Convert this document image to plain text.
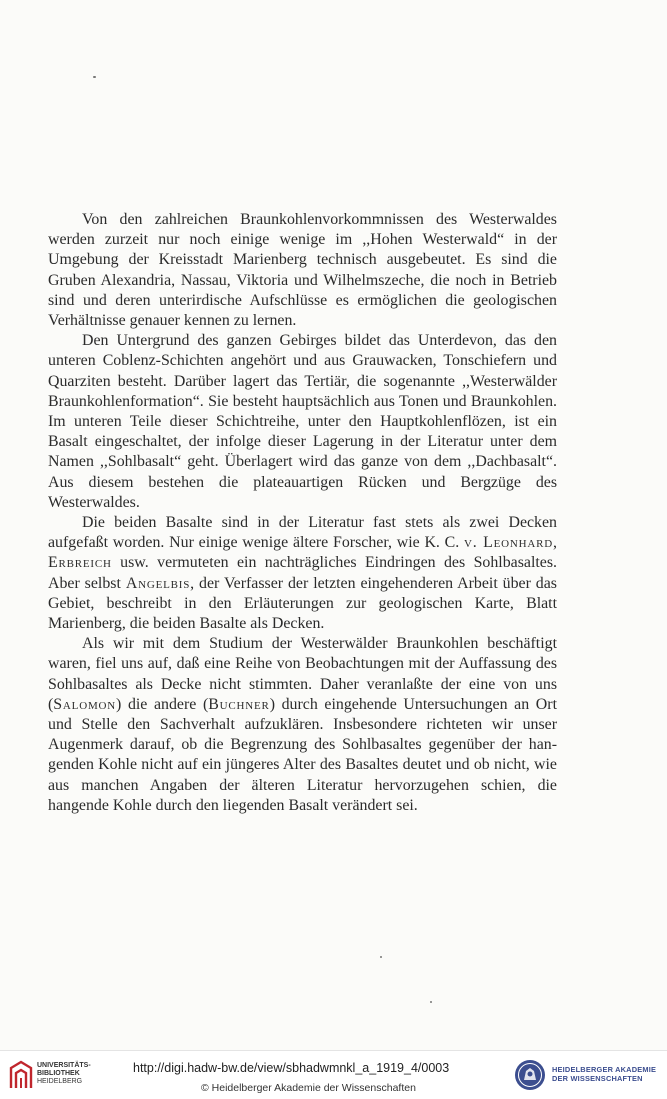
Von den zahlreichen Braunkohlenvorkommnissen des Westerwaldes werden zurzeit nur noch einige wenige im ,,Hohen Westerwald“ in der Umgebung der Kreisstadt Marienberg technisch ausgebeutet. Es sind die Gruben Alexandria, Nassau, Viktoria und Wilhelmszeche, die noch in Betrieb sind und deren unterirdische Aufschlüsse es ermöglichen die geologischen Verhältnisse genauer kennen zu lernen.

Den Untergrund des ganzen Gebirges bildet das Unterdevon, das den unteren Coblenz-Schichten angehört und aus Grauwacken, Tonschiefern und Quarziten besteht. Darüber lagert das Tertiär, die sogenannte ,,Westerwälder Braunkohlenformation“. Sie besteht hauptsächlich aus Tonen und Braunkohlen. Im unteren Teile dieser Schichtreihe, unter den Hauptkohlenflözen, ist ein Basalt eingeschaltet, der infolge dieser Lagerung in der Literatur unter dem Namen ,,Sohlbasalt“ geht. Überlagert wird das ganze von dem ,,Dachbasalt“. Aus diesem bestehen die plateauartigen Rücken und Bergzüge des Westerwaldes.

Die beiden Basalte sind in der Literatur fast stets als zwei Decken aufgefaßt worden. Nur einige wenige ältere Forscher, wie K. C. v. Leonhard, Erbreich usw. vermuteten ein nachträgliches Eindringen des Sohlbasaltes. Aber selbst Angelbis, der Verfasser der letzten eingehenderen Arbeit über das Gebiet, beschreibt in den Erläuterungen zur geologischen Karte, Blatt Marienberg, die beiden Basalte als Decken.

Als wir mit dem Studium der Westerwälder Braunkohlen beschäftigt waren, fiel uns auf, daß eine Reihe von Beobachtungen mit der Auffassung des Sohlbasaltes als Decke nicht stimmten. Daher veranlaßte der eine von uns (Salomon) die andere (Buchner) durch eingehende Untersuchungen an Ort und Stelle den Sachverhalt aufzuklären. Insbesondere richteten wir unser Augenmerk darauf, ob die Begrenzung des Sohlbasaltes gegenüber der hangenden Kohle nicht auf ein jüngeres Alter des Basaltes deutet und ob nicht, wie aus manchen Angaben der älteren Literatur hervorzugehen schien, die hangende Kohle durch den liegenden Basalt verändert sei.

UNIVERSITÄTS-
BIBLIOTHEK
HEIDELBERG
http://digi.hadw-bw.de/view/sbhadwmnkl_a_1919_4/0003
© Heidelberger Akademie der Wissenschaften
HEIDELBERGER AKADEMIE
DER WISSENSCHAFTEN
